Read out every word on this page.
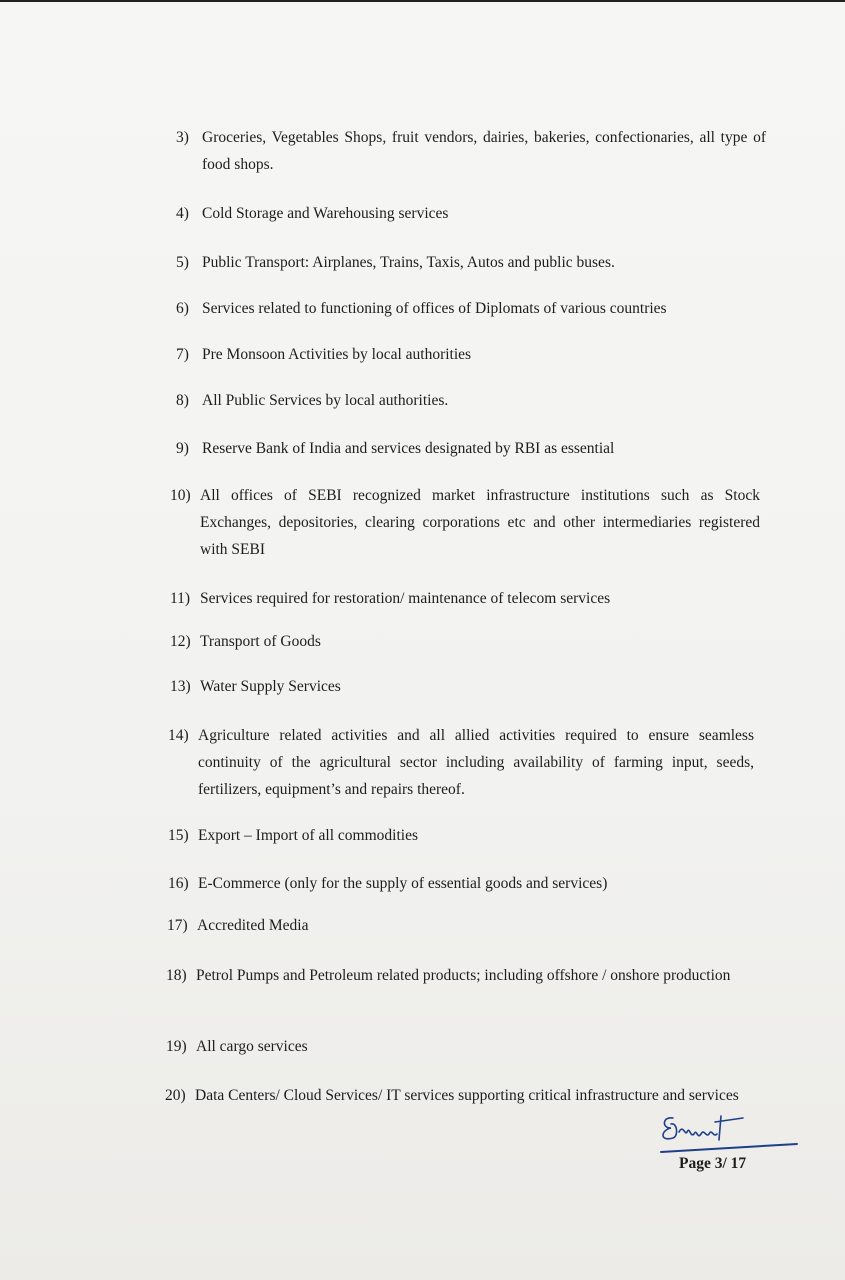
3) Groceries, Vegetables Shops, fruit vendors, dairies, bakeries, confectionaries, all type of food shops.
4) Cold Storage and Warehousing services
5) Public Transport: Airplanes, Trains, Taxis, Autos and public buses.
6) Services related to functioning of offices of Diplomats of various countries
7) Pre Monsoon Activities by local authorities
8) All Public Services by local authorities.
9) Reserve Bank of India and services designated by RBI as essential
10) All offices of SEBI recognized market infrastructure institutions such as Stock Exchanges, depositories, clearing corporations etc and other intermediaries registered with SEBI
11) Services required for restoration/ maintenance of telecom services
12) Transport of Goods
13) Water Supply Services
14) Agriculture related activities and all allied activities required to ensure seamless continuity of the agricultural sector including availability of farming input, seeds, fertilizers, equipment’s and repairs thereof.
15) Export – Import of all commodities
16) E-Commerce (only for the supply of essential goods and services)
17) Accredited Media
18) Petrol Pumps and Petroleum related products; including offshore / onshore production
19) All cargo services
20) Data Centers/ Cloud Services/ IT services supporting critical infrastructure and services
Page 3/ 17
